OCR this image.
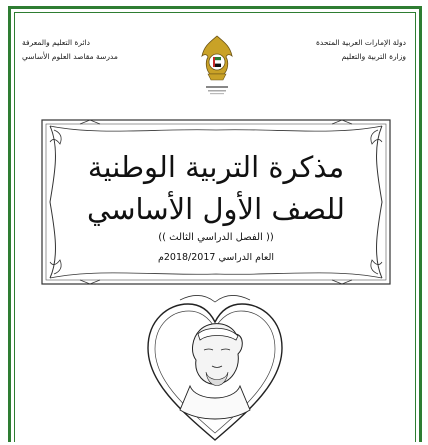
دولة الإمارات العربية المتحدة
وزارة التربية والتعليم
دائرة التعليم والمعرفة
مدرسة مقاصد العلوم الأساسي
مذكرة التربية الوطنية
للصف الأول الأساسي
(( الفصل الدراسي الثالث ))
العام الدراسي 2018/2017م
